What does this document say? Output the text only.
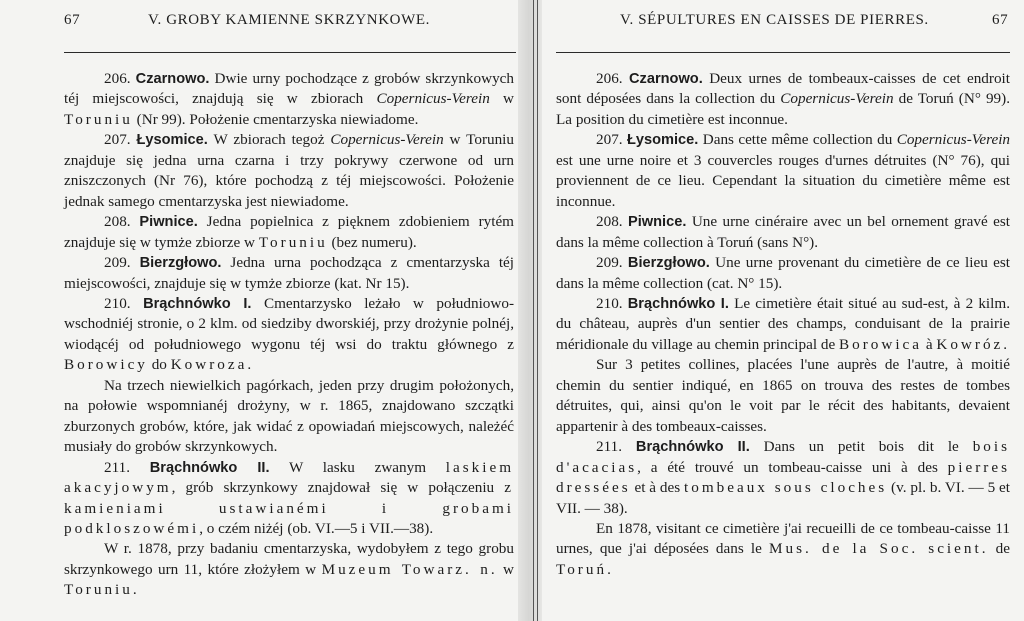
67	V. GROBY KAMIENNE SKRZYNKOWE.	V. SÉPULTURES EN CAISSES DE PIERRES.	67

206. Czarnowo. Dwie urny pochodzące z grobów skrzynkowych téj miejscowości, znajdują się w zbiorach Copernicus-Verein w Toruniu (Nr 99). Położenie cmentarzyska niewiadome.

207. Łysomice. W zbiorach tegoż Copernicus-Verein w Toruniu znajduje się jedna urna czarna i trzy pokrywy czerwone od urn zniszczonych (Nr 76), które pochodzą z téj miejscowości. Położenie jednak samego cmentarzyska jest niewiadome.

208. Piwnice. Jedna popielnica z pięknem zdobieniem rytém znajduje się w tymże zbiorze w Toruniu (bez numeru).

209. Bierzgłowo. Jedna urna pochodząca z cmentarzyska téj miejscowości, znajduje się w tymże zbiorze (kat. Nr 15).

210. Brąchnówko I. Cmentarzysko leżało w południowo-wschodniéj stronie, o 2 klm. od siedziby dworskiéj, przy drożynie polnéj, wiodącéj od południowego wygonu téj wsi do traktu głównego z Borowicy do Kowroza.

Na trzech niewielkich pagórkach, jeden przy drugim położonych, na połowie wspomnianéj drożyny, w r. 1865, znajdowano szczątki zburzonych grobów, które, jak widać z opowiadań miejscowych, należéć musiały do grobów skrzynkowych.

211. Brąchnówko II. W lasku zwanym laskiem akacyjowym, grób skrzynkowy znajdował się w połączeniu z kamieniami ustawianémi i grobami podkloszowémi, o czém niżéj (ob. VI.—5 i VII.—38).

W r. 1878, przy badaniu cmentarzyska, wydobyłem z tego grobu skrzynkowego urn 11, które złożyłem w Muzeum Towarz. n. w Toruniu.

206. Czarnowo. Deux urnes de tombeaux-caisses de cet endroit sont déposées dans la collection du Copernicus-Verein de Toruń (N° 99). La position du cimetière est inconnue.

207. Łysomice. Dans cette même collection du Copernicus-Verein est une urne noire et 3 couvercles rouges d'urnes détruites (N° 76), qui proviennent de ce lieu. Cependant la situation du cimetière même est inconnue.

208. Piwnice. Une urne cinéraire avec un bel ornement gravé est dans la même collection à Toruń (sans N°).

209. Bierzgłowo. Une urne provenant du cimetière de ce lieu est dans la même collection (cat. N° 15).

210. Brąchnówko I. Le cimetière était situé au sud-est, à 2 kilm. du château, auprès d'un sentier des champs, conduisant de la prairie méridionale du village au chemin principal de Borowica à Kowróz.

Sur 3 petites collines, placées l'une auprès de l'autre, à moitié chemin du sentier indiqué, en 1865 on trouva des restes de tombes détruites, qui, ainsi qu'on le voit par le récit des habitants, devaient appartenir à des tombeaux-caisses.

211. Brąchnówko II. Dans un petit bois dit le bois d'acacias, a été trouvé un tombeau-caisse uni à des pierres dressées et à des tombeaux sous cloches (v. pl. b. VI. — 5 et VII. — 38).

En 1878, visitant ce cimetière j'ai recueilli de ce tombeau-caisse 11 urnes, que j'ai déposées dans le Mus. de la Soc. scient. de Toruń.
